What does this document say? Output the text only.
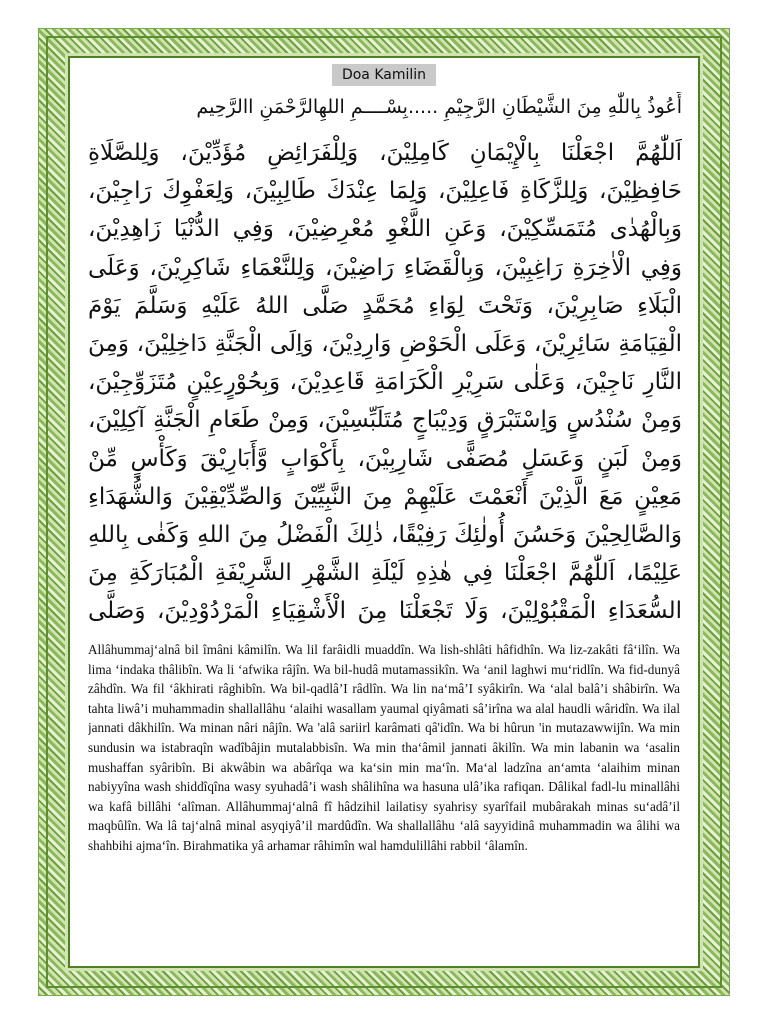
Doa Kamilin
أَعُوذُ بِاللّٰهِ مِنَ الشَّيْطَانِ الرَّجِيْمِ .....بِسْــــمِ اللهِالرَّحْمَنِ االرَّحِيم
اَللّٰهُمَّ اجْعَلْنَا بِالْإِيْمَانِ كَامِلِيْنَ، وَلِلْفَرَائِضِ مُؤَدِّيْنَ، وَلِلصَّلَاةِ حَافِظِيْنَ، وَلِلزَّكَاةِ فَاعِلِيْنَ، وَلِمَا عِنْدَكَ طَالِبِيْنَ، وَلِعَفْوِكَ رَاجِيْنَ، وَبِالْهُدٰى مُتَمَسِّكِيْنَ، وَعَنِ اللَّغْوِ مُعْرِضِيْنَ، وَفِي الدُّنْيَا زَاهِدِيْنَ، وَفِي الْاٰخِرَةِ رَاغِبِيْنَ، وَبِالْقَضَاءِ رَاضِيْنَ، وَلِلنَّعْمَاءِ شَاكِرِيْنَ، وَعَلَى الْبَلَاءِ صَابِرِيْنَ، وَتَحْتَ لِوَاءِ مُحَمَّدٍ صَلَّى اللهُ عَلَيْهِ وَسَلَّمَ يَوْمَ الْقِيَامَةِ سَائِرِيْنَ، وَعَلَى الْحَوْضِ وَارِدِيْنَ، وَاِلَى الْجَنَّةِ دَاخِلِيْنَ، وَمِنَ النَّارِ نَاجِيْنَ، وَعَلٰى سَرِيْرِ الْكَرَامَةِ قَاعِدِيْنَ، وَبِحُوْرٍعِيْنٍ مُتَزَوِّجِيْنَ، وَمِنْ سُنْدُسٍ وَاِسْتَبْرَقٍ وَدِيْبَاجٍ مُتَلَبِّسِيْنَ، وَمِنْ طَعَامِ الْجَنَّةِ آكِلِيْنَ، وَمِنْ لَبَنٍ وَعَسَلٍ مُصَفًّى شَارِبِيْنَ، بِأَكْوَابٍ وَّأَبَارِيْقَ وَكَأْسٍ مِّنْ مَعِيْنٍ مَعَ الَّذِيْنَ أَنْعَمْتَ عَلَيْهِمْ مِنَ النَّبِيِّيْنَ وَالصِّدِّيْقِيْنَ وَالشُّهَدَاءِ وَالصَّالِحِيْنَ وَحَسُنَ أُولٰئِكَ رَفِيْقًا، ذٰلِكَ الْفَضْلُ مِنَ اللهِ وَكَفٰى بِاللهِ عَلِيْمًا، اَللّٰهُمَّ اجْعَلْنَا فِي هٰذِهِ لَيْلَةِ الشَّهْرِ الشَّرِيْفَةِ الْمُبَارَكَةِ مِنَ السُّعَدَاءِ الْمَقْبُوْلِيْنَ، وَلَا تَجْعَلْنَا مِنَ الْأَشْقِيَاءِ الْمَرْدُوْدِيْنَ، وَصَلَّى
Allâhummaj‘alnâ bil îmâni kâmilîn. Wa lil farâidli muaddîn. Wa lish-shlâti hâfidhîn. Wa liz-zakâti fâ‘ilîn. Wa lima ‘indaka thâlibîn. Wa li ‘afwika râjîn. Wa bil-hudâ mutamassikîn. Wa ‘anil laghwi mu‘ridlîn. Wa fid-dunyâ zâhdîn. Wa fil ‘âkhirati râghibîn. Wa bil-qadlâ’I râdlîn. Wa lin na‘mâ’I syâkirîn. Wa ‘alal balâ’i shâbirîn. Wa tahta liwâ’i muhammadin shallallâhu ‘alaihi wasallam yaumal qiyâmati sâ’irîna wa alal haudli wâridîn. Wa ilal jannati dâkhilîn. Wa minan nâri nâjîn. Wa 'alâ sariirl karâmati qâ'idîn. Wa bi hûrun 'in mutazawwijîn. Wa min sundusin wa istabraqîn wadîbâjin mutalabbisîn. Wa min tha‘âmil jannati âkilîn. Wa min labanin wa ‘asalin mushaffan syâribîn. Bi akwâbin wa abârîqa wa ka‘sin min ma‘în. Ma‘al ladzîna an‘amta ‘alaihim minan nabiyyîna wash shiddîqîna wasy syuhadâ’i wash shâlihîna wa hasuna ulâ’ika rafiqan. Dâlikal fadl-lu minallâhi wa kafâ billâhi ‘alîman. Allâhummaj‘alnâ fî hâdzihil lailatisy syahrisy syarîfail mubârakah minas su‘adâ’il maqbûlîn. Wa lâ taj‘alnâ minal asyqiyâ’il mardûdîn. Wa shallallâhu ‘alâ sayyidinâ muhammadin wa âlihi wa shahbihi ajma‘în. Birahmatika yâ arhamar râhimîn wal hamdulillâhi rabbil ‘âlamîn.
